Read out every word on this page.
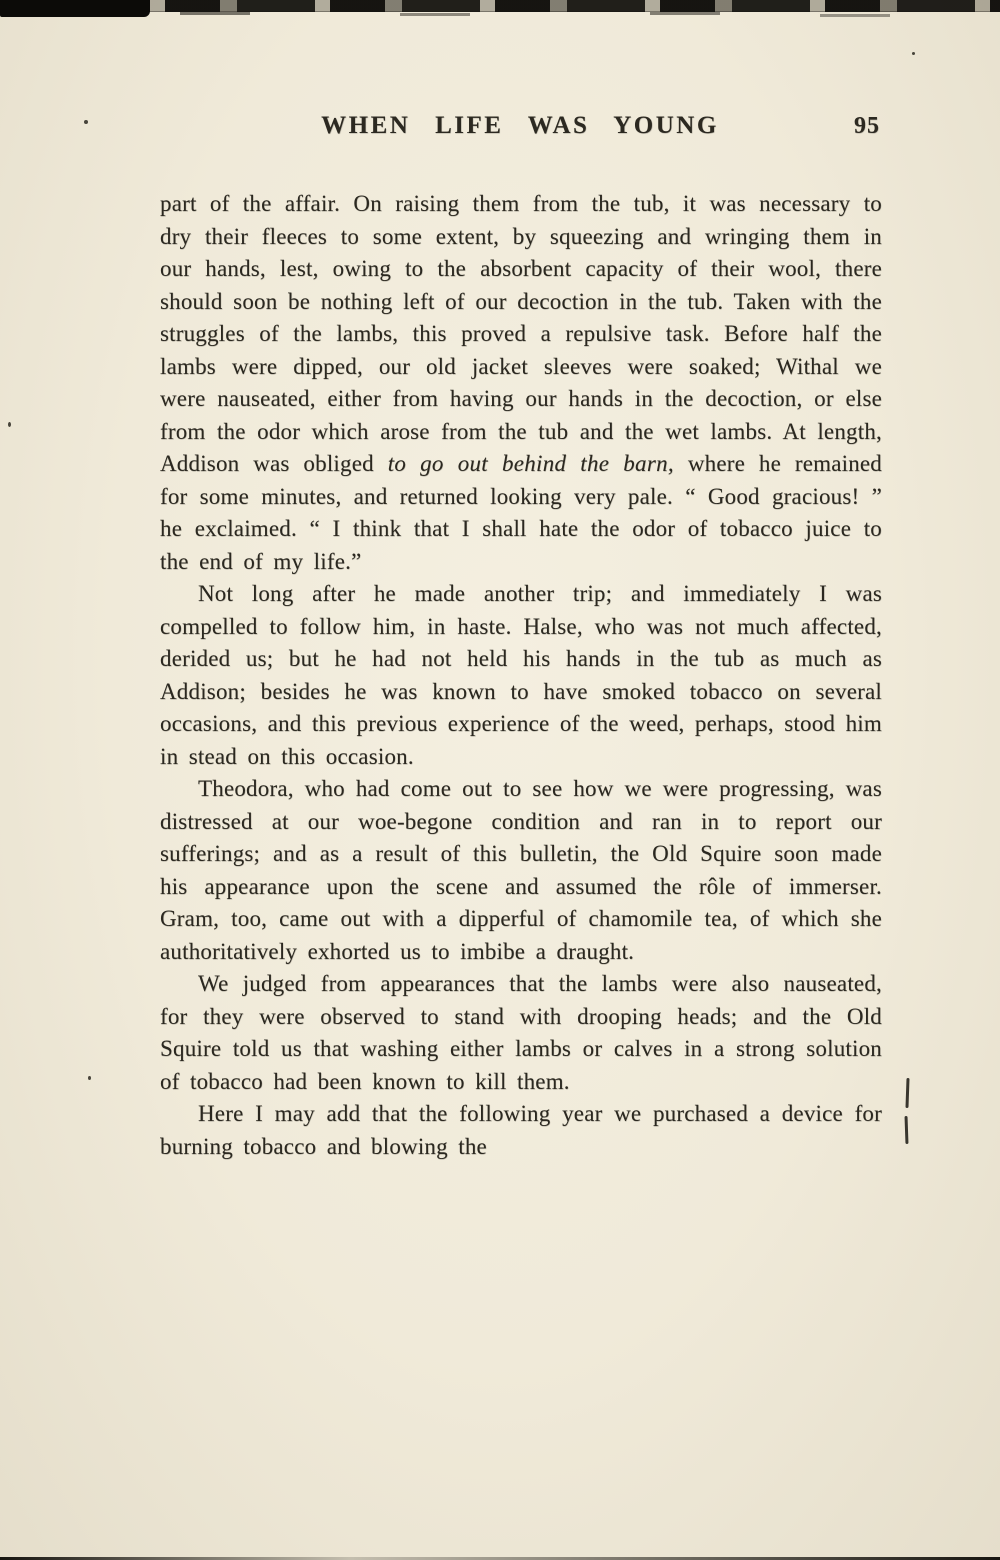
WHEN LIFE WAS YOUNG	95

part of the affair. On raising them from the tub, it was necessary to dry their fleeces to some extent, by squeezing and wringing them in our hands, lest, owing to the absorbent capacity of their wool, there should soon be nothing left of our decoction in the tub. Taken with the struggles of the lambs, this proved a repulsive task. Before half the lambs were dipped, our old jacket sleeves were soaked; Withal we were nauseated, either from having our hands in the decoction, or else from the odor which arose from the tub and the wet lambs. At length, Addison was obliged to go out behind the barn, where he remained for some minutes, and returned looking very pale. “ Good gracious! ” he exclaimed. “ I think that I shall hate the odor of tobacco juice to the end of my life.”

Not long after he made another trip; and immediately I was compelled to follow him, in haste. Halse, who was not much affected, derided us; but he had not held his hands in the tub as much as Addison; besides he was known to have smoked tobacco on several occasions, and this previous experience of the weed, perhaps, stood him in stead on this occasion.

Theodora, who had come out to see how we were progressing, was distressed at our woe-begone condition and ran in to report our sufferings; and as a result of this bulletin, the Old Squire soon made his appearance upon the scene and assumed the rôle of immerser. Gram, too, came out with a dipperful of chamomile tea, of which she authoritatively exhorted us to imbibe a draught.

We judged from appearances that the lambs were also nauseated, for they were observed to stand with drooping heads; and the Old Squire told us that washing either lambs or calves in a strong solution of tobacco had been known to kill them.

Here I may add that the following year we purchased a device for burning tobacco and blowing the
